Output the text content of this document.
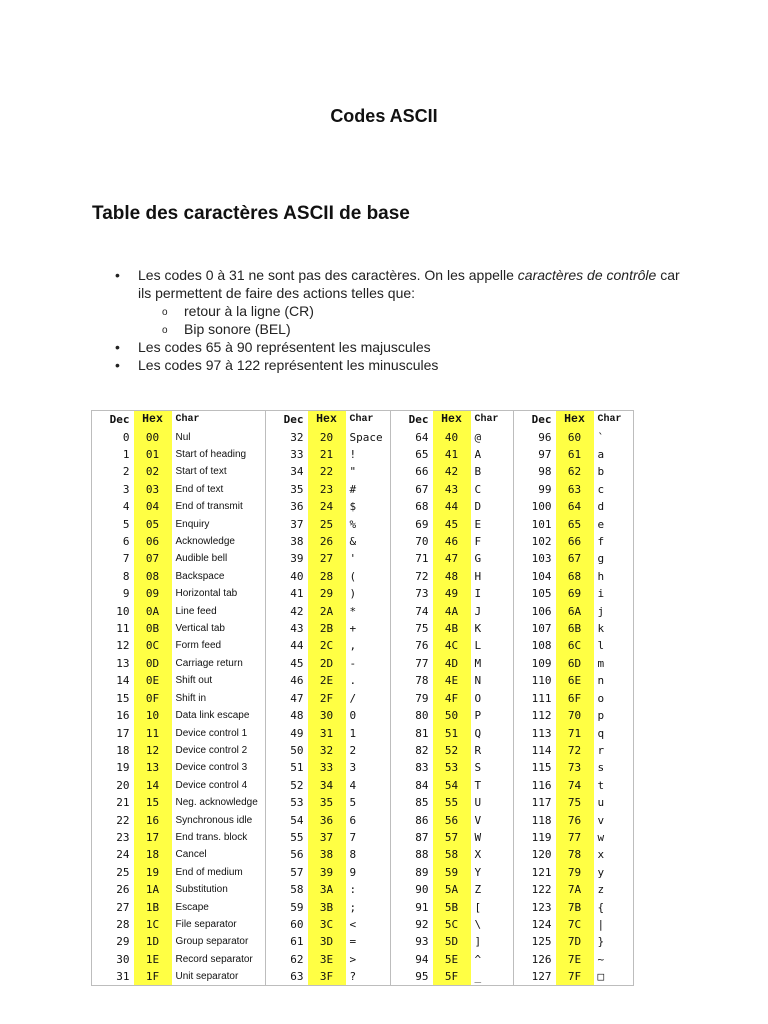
Codes ASCII
Table des caractères ASCII de base
• Les codes 0 à 31 ne sont pas des caractères. On les appelle caractères de contrôle car ils permettent de faire des actions telles que:
o retour à la ligne (CR)
o Bip sonore (BEL)
• Les codes 65 à 90 représentent les majuscules
• Les codes 97 à 122 représentent les minuscules
Dec	Hex	Char	Dec	Hex	Char	Dec	Hex	Char	Dec	Hex	Char
0	00	Nul	32	20	Space	64	40	@	96	60	`
1	01	Start of heading	33	21	!	65	41	A	97	61	a
2	02	Start of text	34	22	"	66	42	B	98	62	b
3	03	End of text	35	23	#	67	43	C	99	63	c
4	04	End of transmit	36	24	$	68	44	D	100	64	d
5	05	Enquiry	37	25	%	69	45	E	101	65	e
6	06	Acknowledge	38	26	&	70	46	F	102	66	f
7	07	Audible bell	39	27	'	71	47	G	103	67	g
8	08	Backspace	40	28	(	72	48	H	104	68	h
9	09	Horizontal tab	41	29	)	73	49	I	105	69	i
10	0A	Line feed	42	2A	*	74	4A	J	106	6A	j
11	0B	Vertical tab	43	2B	+	75	4B	K	107	6B	k
12	0C	Form feed	44	2C	,	76	4C	L	108	6C	l
13	0D	Carriage return	45	2D	-	77	4D	M	109	6D	m
14	0E	Shift out	46	2E	.	78	4E	N	110	6E	n
15	0F	Shift in	47	2F	/	79	4F	O	111	6F	o
16	10	Data link escape	48	30	0	80	50	P	112	70	p
17	11	Device control 1	49	31	1	81	51	Q	113	71	q
18	12	Device control 2	50	32	2	82	52	R	114	72	r
19	13	Device control 3	51	33	3	83	53	S	115	73	s
20	14	Device control 4	52	34	4	84	54	T	116	74	t
21	15	Neg. acknowledge	53	35	5	85	55	U	117	75	u
22	16	Synchronous idle	54	36	6	86	56	V	118	76	v
23	17	End trans. block	55	37	7	87	57	W	119	77	w
24	18	Cancel	56	38	8	88	58	X	120	78	x
25	19	End of medium	57	39	9	89	59	Y	121	79	y
26	1A	Substitution	58	3A	:	90	5A	Z	122	7A	z
27	1B	Escape	59	3B	;	91	5B	[	123	7B	{
28	1C	File separator	60	3C	<	92	5C	\	124	7C	|
29	1D	Group separator	61	3D	=	93	5D	]	125	7D	}
30	1E	Record separator	62	3E	>	94	5E	^	126	7E	~
31	1F	Unit separator	63	3F	?	95	5F	_	127	7F	□
